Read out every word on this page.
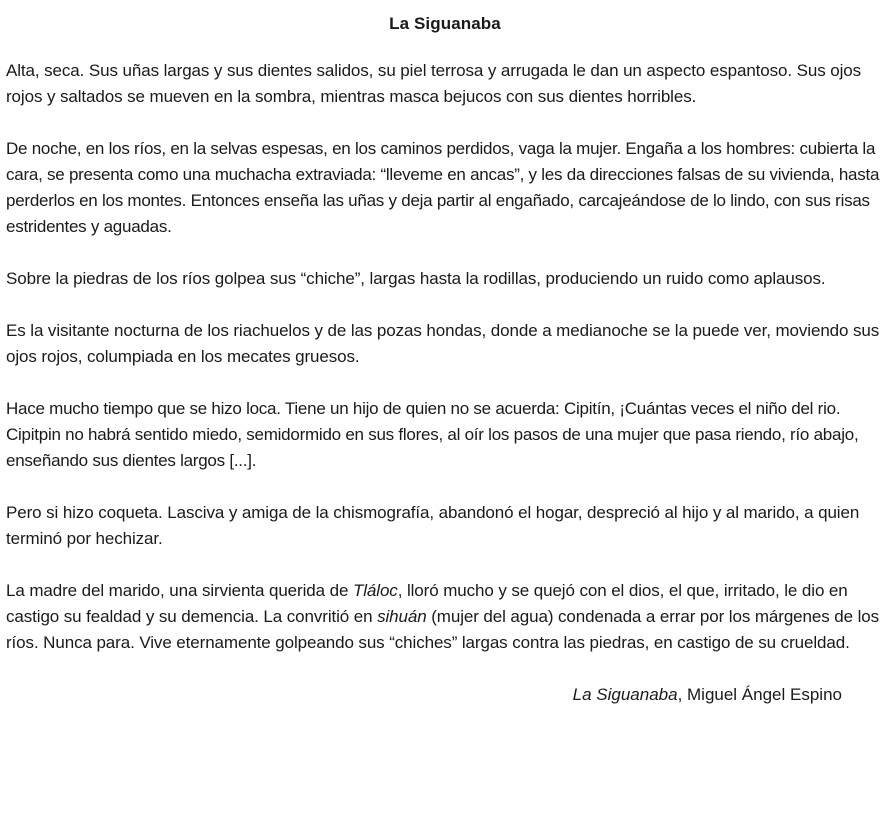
La Siguanaba

Alta, seca. Sus uñas largas y sus dientes salidos, su piel terrosa y arrugada le dan un aspecto espantoso. Sus ojos rojos y saltados se mueven en la sombra, mientras masca bejucos con sus dientes horribles.

De noche, en los ríos, en la selvas espesas, en los caminos perdidos, vaga la mujer. Engaña a los hombres: cubierta la cara, se presenta como una muchacha extraviada: “lleveme en ancas”, y les da direcciones falsas de su vivienda, hasta perderlos en los montes. Entonces enseña las uñas y deja partir al engañado, carcajeándose de lo lindo, con sus risas estridentes y aguadas.

Sobre la piedras de los ríos golpea sus “chiche”, largas hasta la rodillas, produciendo un ruido como aplausos.

Es la visitante nocturna de los riachuelos y de las pozas hondas, donde a medianoche se la puede ver, moviendo sus ojos rojos, columpiada en los mecates gruesos.

Hace mucho tiempo que se hizo loca. Tiene un hijo de quien no se acuerda: Cipitín, ¡Cuántas veces el niño del rio. Cipitpin no habrá sentido miedo, semidormido en sus flores, al oír los pasos de una mujer que pasa riendo, río abajo, enseñando sus dientes largos [...].

Pero si hizo coqueta. Lasciva y amiga de la chismografía, abandonó el hogar, despreció al hijo y al marido, a quien terminó por hechizar.

La madre del marido, una sirvienta querida de Tláloc, lloró mucho y se quejó con el dios, el que, irritado, le dio en castigo su fealdad y su demencia. La convritió en sihuán (mujer del agua) condenada a errar por los márgenes de los ríos. Nunca para. Vive eternamente golpeando sus “chiches” largas contra las piedras, en castigo de su crueldad.

La Siguanaba, Miguel Ángel Espino
